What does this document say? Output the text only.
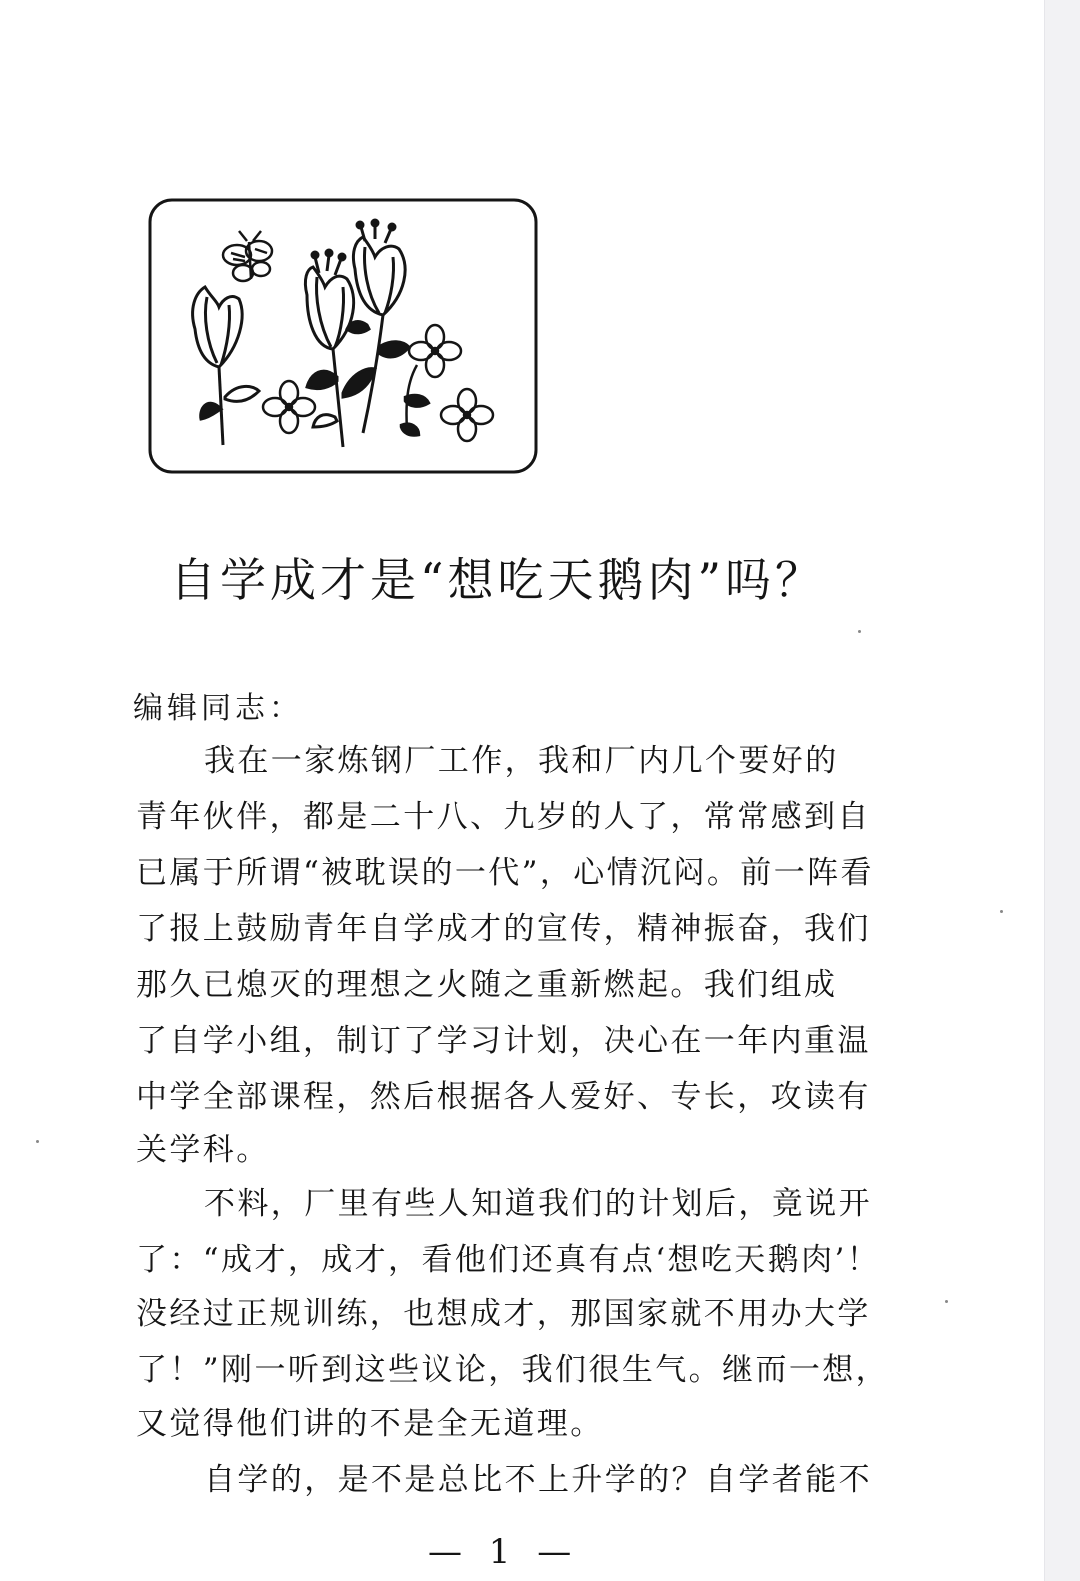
自学成才是“想吃天鹅肉”吗？

编辑同志：

我在一家炼钢厂工作，我和厂内几个要好的

青年伙伴，都是二十八、九岁的人了，常常感到自

已属于所谓“被耽误的一代”，心情沉闷。前一阵看

了报上鼓励青年自学成才的宣传，精神振奋，我们

那久已熄灭的理想之火随之重新燃起。我们组成

了自学小组，制订了学习计划，决心在一年内重温

中学全部课程，然后根据各人爱好、专长，攻读有

关学科。

不料，厂里有些人知道我们的计划后，竟说开

了：“成才，成才，看他们还真有点‘想吃天鹅肉’！

没经过正规训练，也想成才，那国家就不用办大学

了！”刚一听到这些议论，我们很生气。继而一想，

又觉得他们讲的不是全无道理。

自学的，是不是总比不上升学的？自学者能不

— 1 —
